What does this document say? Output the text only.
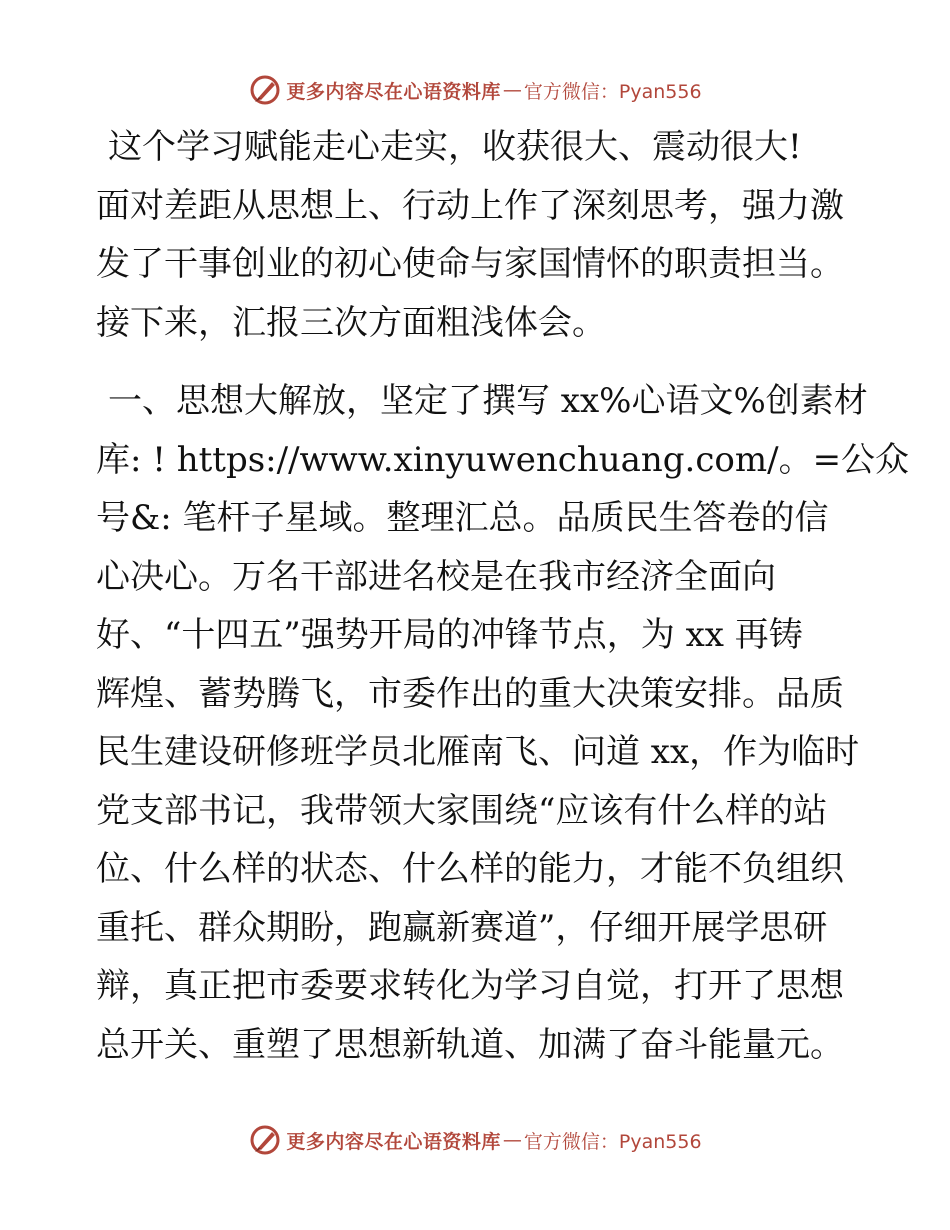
更多内容尽在心语资料库 — 官方微信：Pyan556
这个学习赋能走心走实，收获很大、震动很大!
面对差距从思想上、行动上作了深刻思考，强力激
发了干事创业的初心使命与家国情怀的职责担当。
接下来，汇报三次方面粗浅体会。
一、思想大解放，坚定了撰写 xx%心语文%创素材
库: ! https://www.xinyuwenchuang.com/。=公众
号&: 笔杆子星域。整理汇总。品质民生答卷的信
心决心。万名干部进名校是在我市经济全面向
好、“十四五”强势开局的冲锋节点，为 xx 再铸
辉煌、蓄势腾飞，市委作出的重大决策安排。品质
民生建设研修班学员北雁南飞、问道 xx，作为临时
党支部书记，我带领大家围绕“应该有什么样的站
位、什么样的状态、什么样的能力，才能不负组织
重托、群众期盼，跑赢新赛道”，仔细开展学思研
辩，真正把市委要求转化为学习自觉，打开了思想
总开关、重塑了思想新轨道、加满了奋斗能量元。
更多内容尽在心语资料库 — 官方微信：Pyan556
